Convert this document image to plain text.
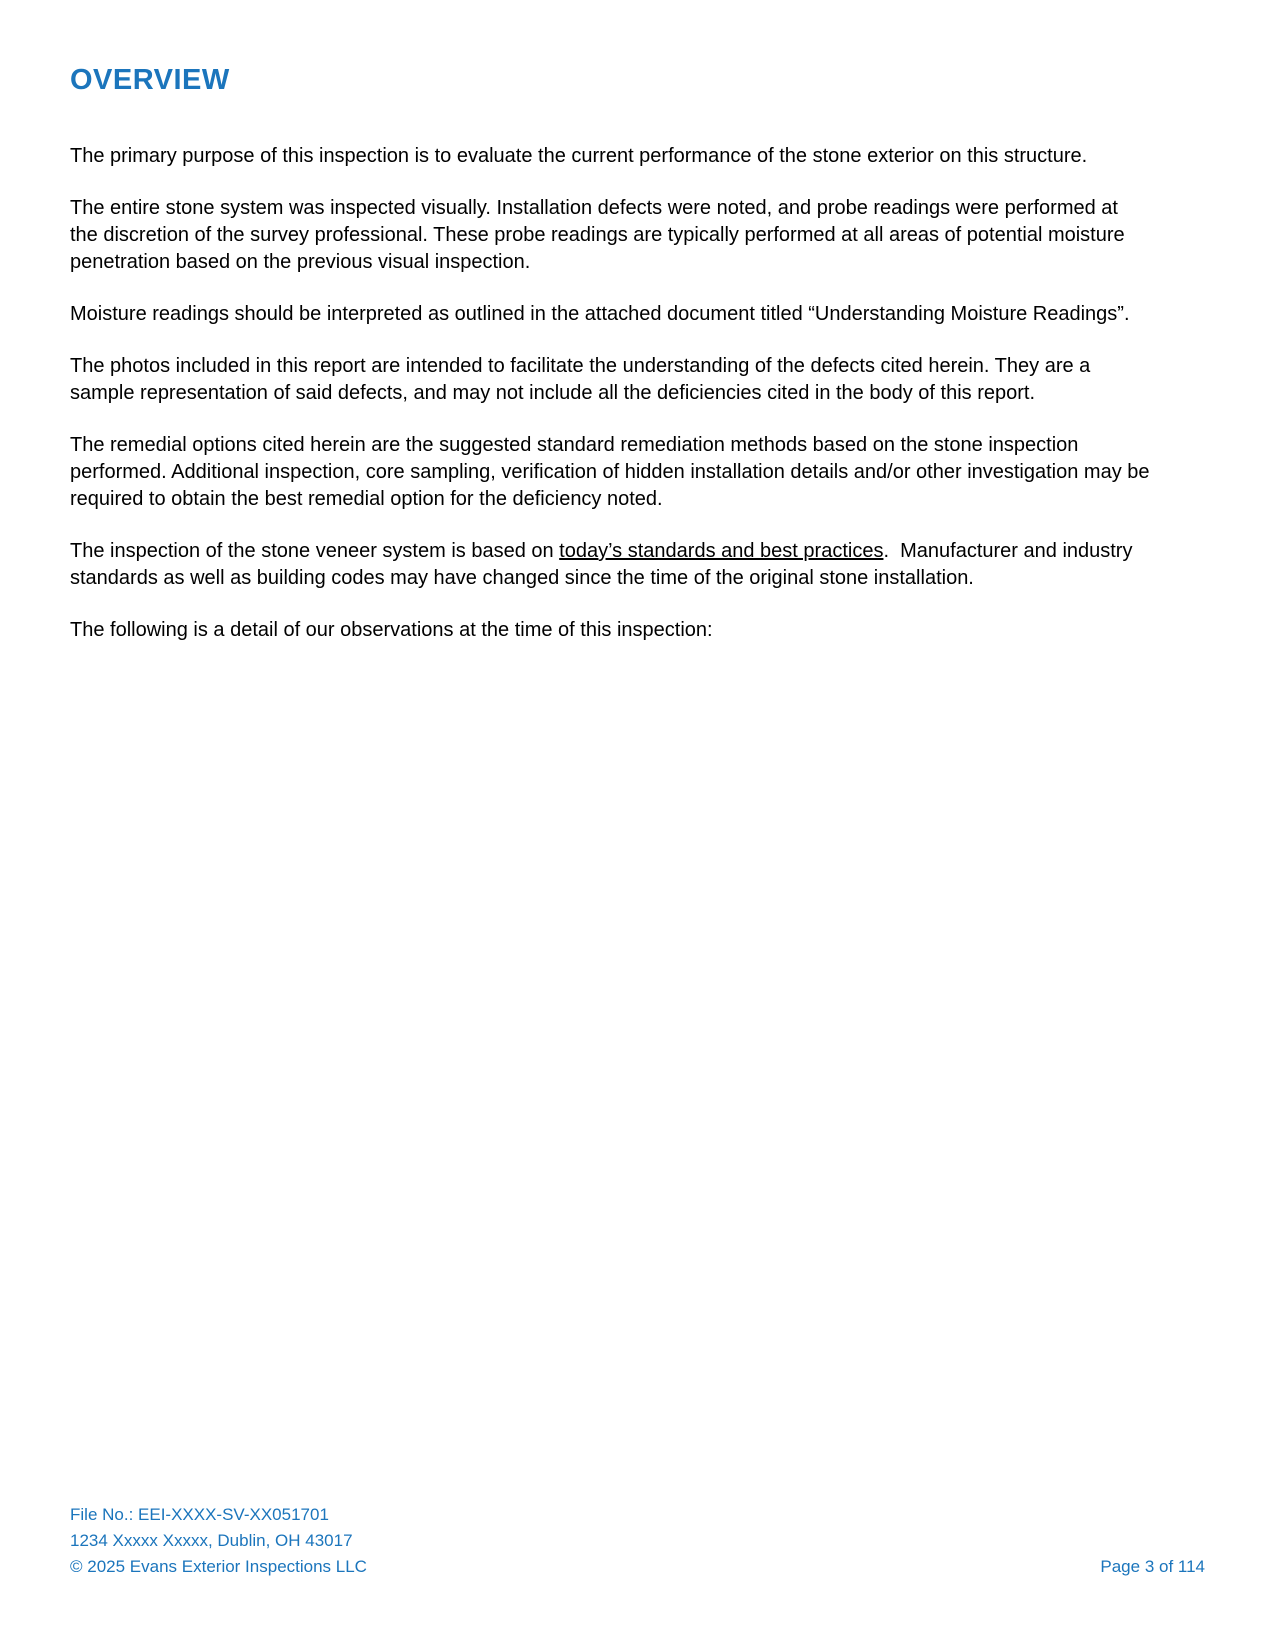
OVERVIEW

The primary purpose of this inspection is to evaluate the current performance of the stone exterior on this structure.

The entire stone system was inspected visually. Installation defects were noted, and probe readings were performed at the discretion of the survey professional. These probe readings are typically performed at all areas of potential moisture penetration based on the previous visual inspection.

Moisture readings should be interpreted as outlined in the attached document titled “Understanding Moisture Readings”.

The photos included in this report are intended to facilitate the understanding of the defects cited herein. They are a sample representation of said defects, and may not include all the deficiencies cited in the body of this report.

The remedial options cited herein are the suggested standard remediation methods based on the stone inspection performed. Additional inspection, core sampling, verification of hidden installation details and/or other investigation may be required to obtain the best remedial option for the deficiency noted.

The inspection of the stone veneer system is based on today’s standards and best practices.  Manufacturer and industry standards as well as building codes may have changed since the time of the original stone installation.

The following is a detail of our observations at the time of this inspection:

File No.: EEI-XXXX-SV-XX051701
1234 Xxxxx Xxxxx, Dublin, OH 43017
© 2025 Evans Exterior Inspections LLC	Page 3 of 114
